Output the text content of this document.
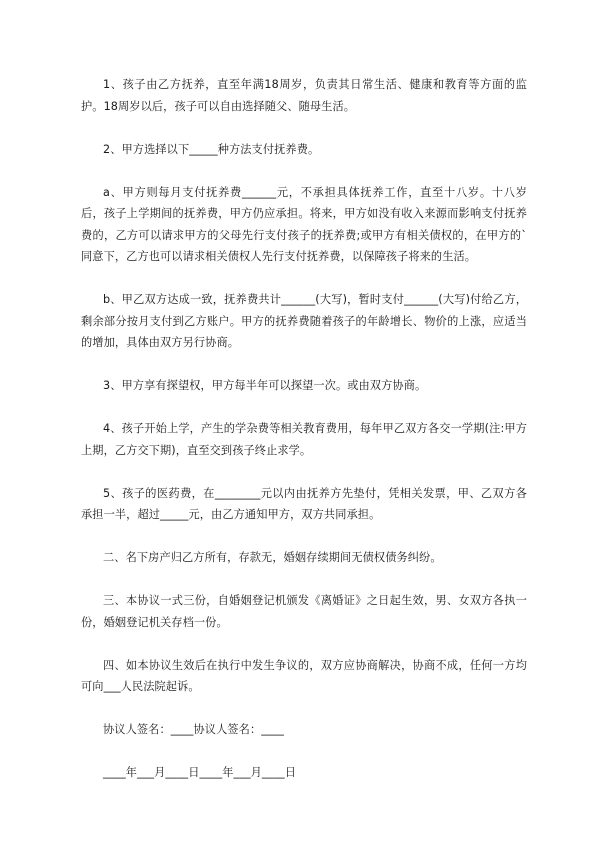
1、孩子由乙方抚养，直至年满18周岁，负责其日常生活、健康和教育等方面的监护。18周岁以后，孩子可以自由选择随父、随母生活。

2、甲方选择以下_____种方法支付抚养费。

a、甲方则每月支付抚养费______元，不承担具体抚养工作，直至十八岁。十八岁后，孩子上学期间的抚养费，甲方仍应承担。将来，甲方如没有收入来源而影响支付抚养费的，乙方可以请求甲方的父母先行支付孩子的抚养费;或甲方有相关债权的，在甲方的`同意下，乙方也可以请求相关债权人先行支付抚养费，以保障孩子将来的生活。

b、甲乙双方达成一致，抚养费共计______(大写)，暂时支付______(大写)付给乙方，剩余部分按月支付到乙方账户。甲方的抚养费随着孩子的年龄增长、物价的上涨，应适当的增加，具体由双方另行协商。

3、甲方享有探望权，甲方每半年可以探望一次。或由双方协商。

4、孩子开始上学，产生的学杂费等相关教育费用，每年甲乙双方各交一学期(注:甲方上期，乙方交下期)，直至交到孩子终止求学。

5、孩子的医药费，在________元以内由抚养方先垫付，凭相关发票，甲、乙双方各承担一半，超过_____元，由乙方通知甲方，双方共同承担。

二、名下房产归乙方所有，存款无，婚姻存续期间无债权债务纠纷。

三、本协议一式三份，自婚姻登记机颁发《离婚证》之日起生效，男、女双方各执一份，婚姻登记机关存档一份。

四、如本协议生效后在执行中发生争议的，双方应协商解决，协商不成，任何一方均可向___人民法院起诉。

协议人签名：____协议人签名：____

____年___月____日____年___月____日
